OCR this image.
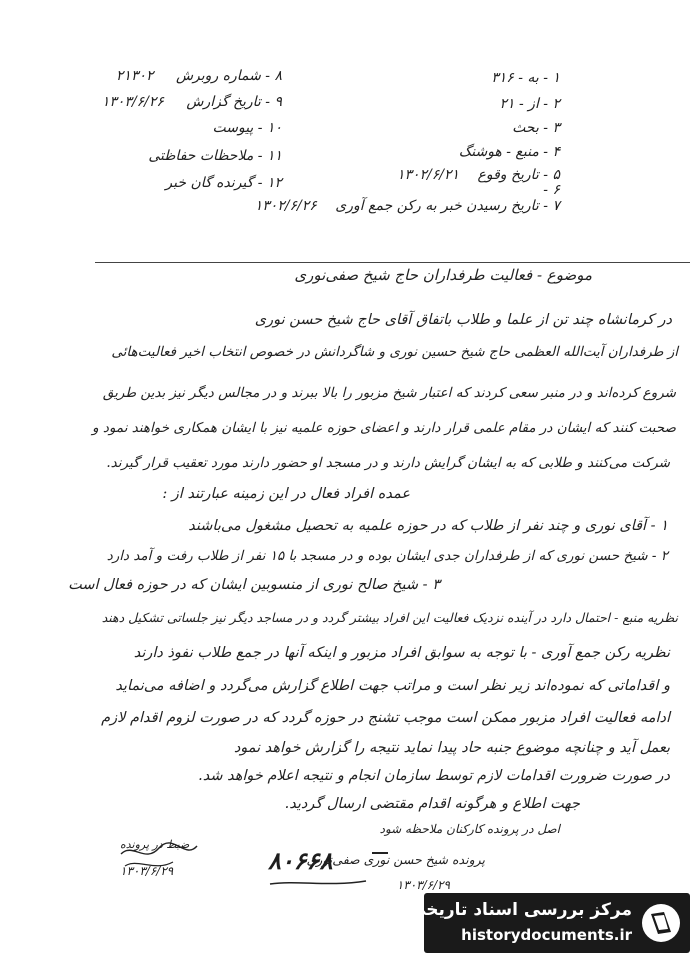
۸ - شماره روبرش ۲۱۳۰۲
۹ - تاریخ گزارش ۱۳۰۳/۶/۲۶
۱۰ - پیوست
۱۱ - ملاحظات حفاظتی
۱۲ - گیرنده گان خبر
۱ - به - ۳۱۶
۲ - از - ۲۱
۳ - بحث
۴ - منبع - هوشنگ
۵ - تاریخ وقوع ۱۳۰۲/۶/۲۱
۶ -
۷ - تاریخ رسیدن خبر به رکن جمع آوری ۱۳۰۲/۶/۲۶
موضوع - فعالیت طرفداران حاج شیخ صفی‌نوری
در کرمانشاه چند تن از علما و طلاب باتفاق آقای حاج شیخ حسن نوری
از طرفداران آیت‌الله العظمی حاج شیخ حسین نوری و شاگردانش در خصوص انتخاب اخیر فعالیت‌هائی
شروع کرده‌اند و در منبر سعی کردند که اعتبار شیخ مزبور را بالا ببرند و در مجالس دیگر نیز بدین طریق
صحبت کنند که ایشان در مقام علمی قرار دارند و اعضای حوزه علمیه نیز با ایشان همکاری خواهند نمود و
شرکت می‌کنند و طلابی که به ایشان گرایش دارند و در مسجد او حضور دارند مورد تعقیب قرار گیرند.
عمده افراد فعال در این زمینه عبارتند از :
۱ - آقای نوری و چند نفر از طلاب که در حوزه علمیه به تحصیل مشغول می‌باشند
۲ - شیخ حسن نوری که از طرفداران جدی ایشان بوده و در مسجد با ۱۵ نفر از طلاب رفت و آمد دارد
۳ - شیخ صالح نوری از منسوبین ایشان که در حوزه فعال است
نظریه منبع - احتمال دارد در آینده نزدیک فعالیت این افراد بیشتر گردد و در مساجد دیگر نیز جلساتی تشکیل دهند
نظریه رکن جمع آوری - با توجه به سوابق افراد مزبور و اینکه آنها در جمع طلاب نفوذ دارند
و اقداماتی که نموده‌اند زیر نظر است و مراتب جهت اطلاع گزارش می‌گردد و اضافه می‌نماید
ادامه فعالیت افراد مزبور ممکن است موجب تشنج در حوزه گردد که در صورت لزوم اقدام لازم
بعمل آید و چنانچه موضوع جنبه حاد پیدا نماید نتیجه را گزارش خواهد نمود
در صورت ضرورت اقدامات لازم توسط سازمان انجام و نتیجه اعلام خواهد شد.
جهت اطلاع و هرگونه اقدام مقتضی ارسال گردید.
اصل در پرونده کارکنان ملاحظه شود
ضبط در پرونده
۱۳۰۳/۶/۲۹	۸۰۶۶۸
پرونده شیخ حسن نوری صفی‌نوری
۱۳۰۳/۶/۲۹
مرکز بررسی اسناد تاریخی
historydocuments.ir
